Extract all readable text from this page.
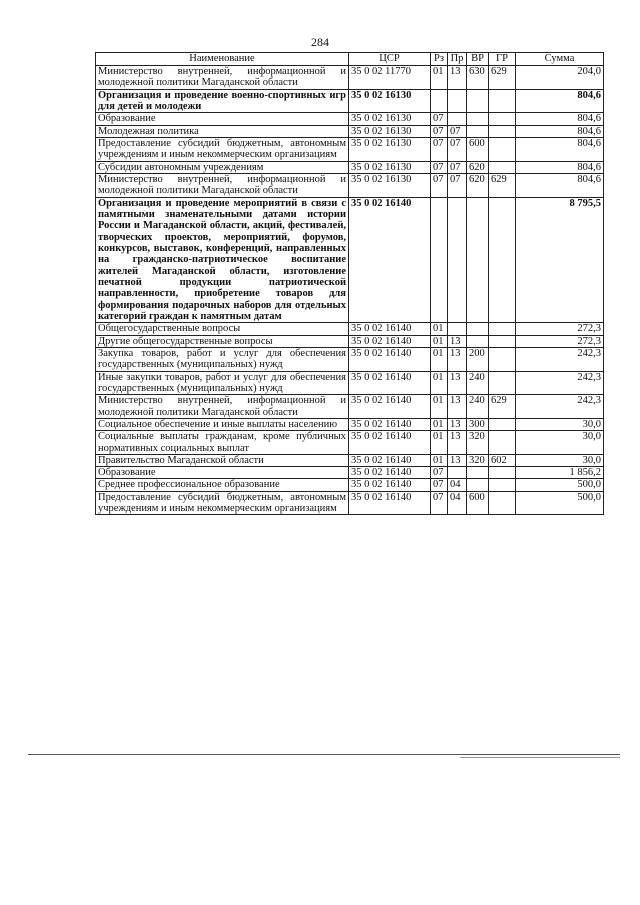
284
Наименование	ЦСР	Рз	Пр	ВР	ГР	Сумма
Министерство внутренней, информационной и молодежной политики Магаданской области	35 0 02 11770	01	13	630	629	204,0
Организация и проведение военно-спортивных игр для детей и молодежи	35 0 02 16130					804,6
Образование	35 0 02 16130	07				804,6
Молодежная политика	35 0 02 16130	07	07			804,6
Предоставление субсидий бюджетным, автономным учреждениям и иным некоммерческим организациям	35 0 02 16130	07	07	600		804,6
Субсидии автономным учреждениям	35 0 02 16130	07	07	620		804,6
Министерство внутренней, информационной и молодежной политики Магаданской области	35 0 02 16130	07	07	620	629	804,6
Организация и проведение мероприятий в связи с памятными знаменательными датами истории России и Магаданской области, акций, фестивалей, творческих проектов, мероприятий, форумов, конкурсов, выставок, конференций, направленных на гражданско-патриотическое воспитание жителей Магаданской области, изготовление печатной продукции патриотической направленности, приобретение товаров для формирования подарочных наборов для отдельных категорий граждан к памятным датам	35 0 02 16140					8 795,5
Общегосударственные вопросы	35 0 02 16140	01				272,3
Другие общегосударственные вопросы	35 0 02 16140	01	13			272,3
Закупка товаров, работ и услуг для обеспечения государственных (муниципальных) нужд	35 0 02 16140	01	13	200		242,3
Иные закупки товаров, работ и услуг для обеспечения государственных (муниципальных) нужд	35 0 02 16140	01	13	240		242,3
Министерство внутренней, информационной и молодежной политики Магаданской области	35 0 02 16140	01	13	240	629	242,3
Социальное обеспечение и иные выплаты населению	35 0 02 16140	01	13	300		30,0
Социальные выплаты гражданам, кроме публичных нормативных социальных выплат	35 0 02 16140	01	13	320		30,0
Правительство Магаданской области	35 0 02 16140	01	13	320	602	30,0
Образование	35 0 02 16140	07				1 856,2
Среднее профессиональное образование	35 0 02 16140	07	04			500,0
Предоставление субсидий бюджетным, автономным учреждениям и иным некоммерческим организациям	35 0 02 16140	07	04	600		500,0
